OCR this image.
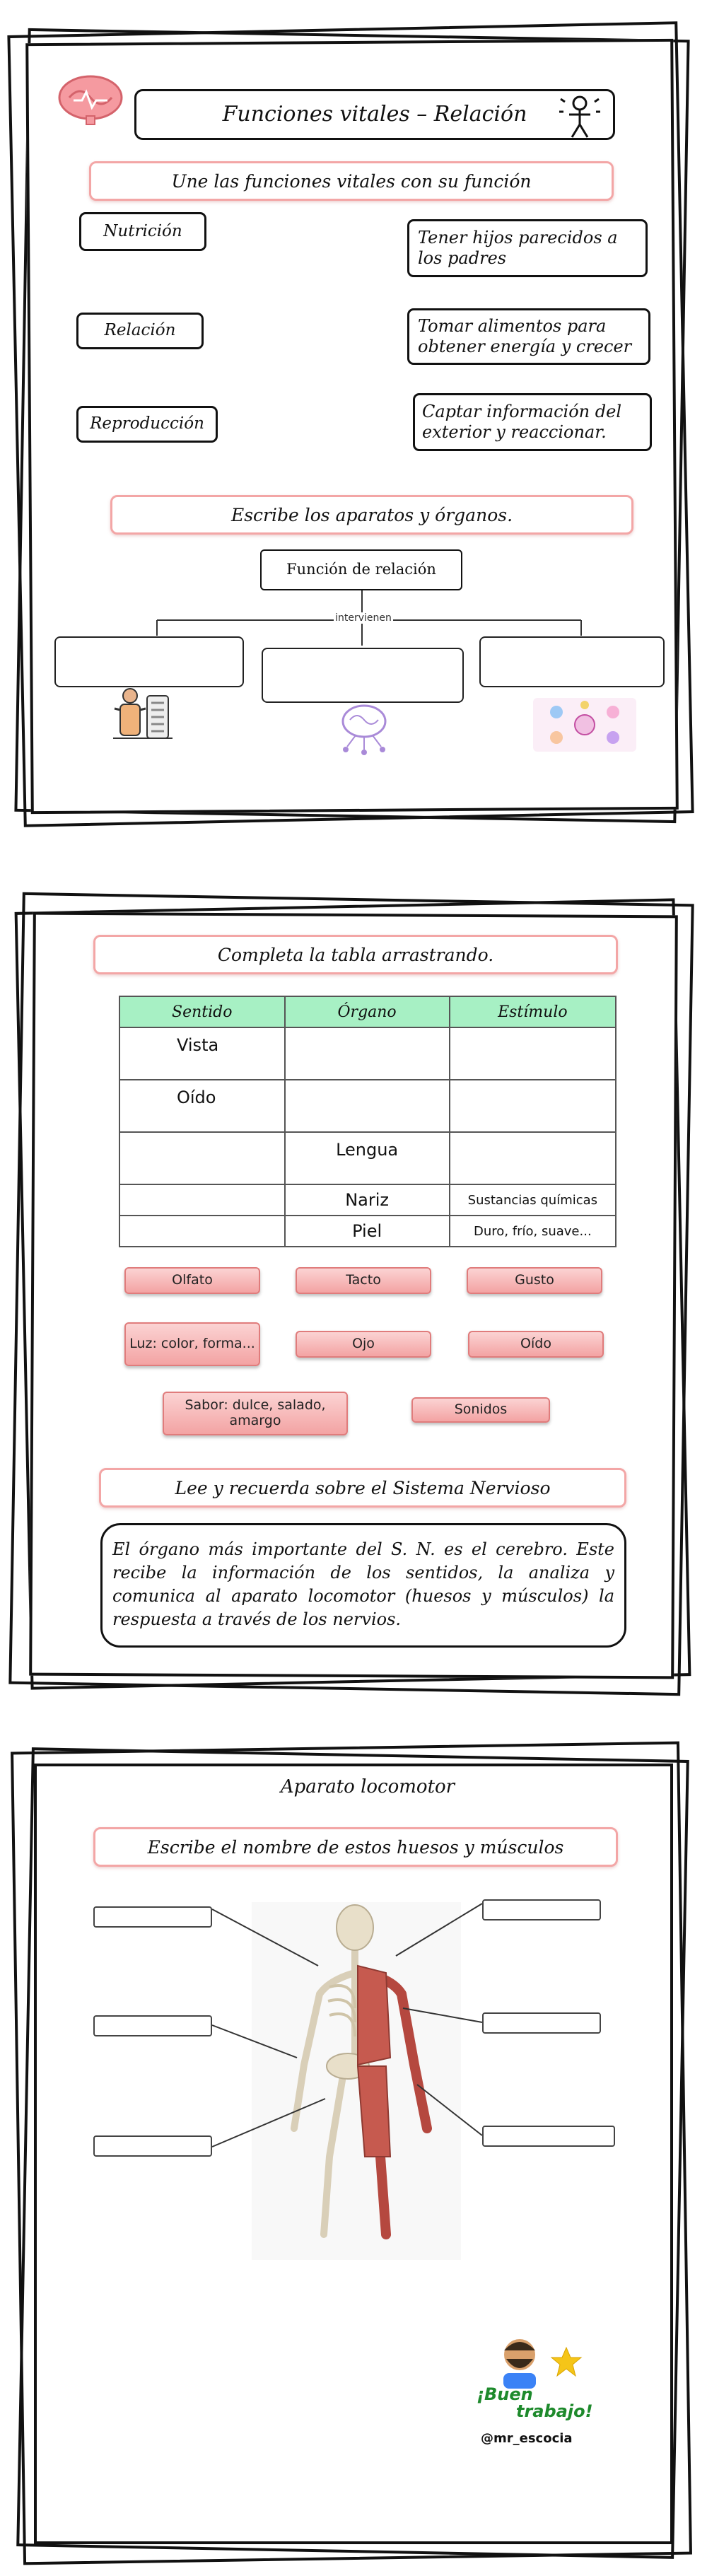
Funciones vitales – Relación
Une las funciones vitales con su función
Nutrición
Relación
Reproducción
Tener hijos parecidos a los padres
Tomar alimentos para obtener energía y crecer
Captar información del exterior y reaccionar.
Escribe los aparatos y órganos.
Función de relación
intervienen
Completa la tabla arrastrando.
Sentido	Órgano	Estímulo
Vista		
Oído		
	Lengua	
	Nariz	Sustancias químicas
	Piel	Duro, frío, suave...
Olfato	Tacto	Gusto
Luz: color, forma...	Ojo	Oído
Sabor: dulce, salado, amargo
Sonidos
Lee y recuerda sobre el Sistema Nervioso
El órgano más importante del S. N. es el cerebro. Este recibe la información de los sentidos, la analiza y comunica al aparato locomotor (huesos y músculos) la respuesta a través de los nervios.
Aparato locomotor
Escribe el nombre de estos huesos y músculos
¡Buen
trabajo!
@mr_escocia
